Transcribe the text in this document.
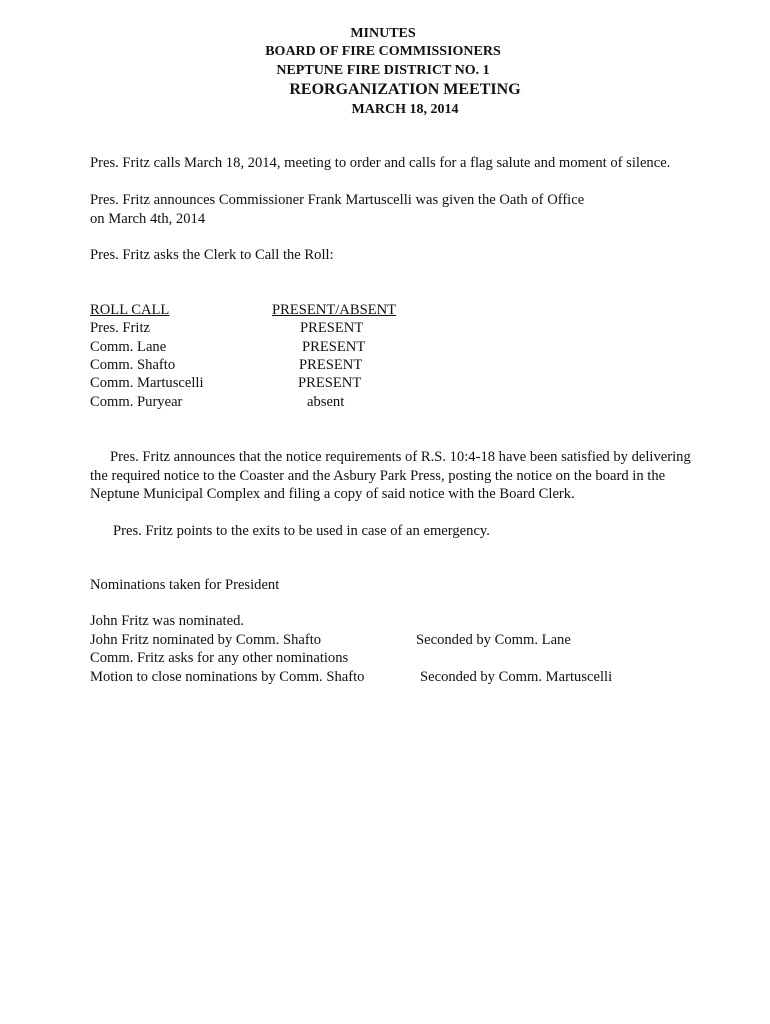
MINUTES
BOARD OF FIRE COMMISSIONERS
NEPTUNE FIRE DISTRICT NO. 1
REORGANIZATION MEETING
MARCH 18, 2014
Pres. Fritz calls March 18, 2014, meeting to order and calls for a flag salute and moment of silence.
Pres. Fritz announces Commissioner Frank Martuscelli was given the Oath of Office
on March 4th, 2014
Pres. Fritz asks the Clerk to Call the Roll:
ROLL CALL	PRESENT/ABSENT
Pres. Fritz	PRESENT
Comm. Lane	PRESENT
Comm. Shafto	PRESENT
Comm. Martuscelli	PRESENT
Comm. Puryear	absent
Pres. Fritz announces that the notice requirements of R.S. 10:4-18 have been satisfied by delivering
the required notice to the Coaster and the Asbury Park Press, posting the notice on the board in the
Neptune Municipal Complex and filing a copy of said notice with the Board Clerk.
Pres. Fritz points to the exits to be used in case of an emergency.
Nominations taken for President
John Fritz was nominated.
John Fritz nominated by Comm. Shafto	Seconded by Comm. Lane
Comm. Fritz asks for any other nominations
Motion to close nominations by Comm. Shafto	Seconded by Comm. Martuscelli
